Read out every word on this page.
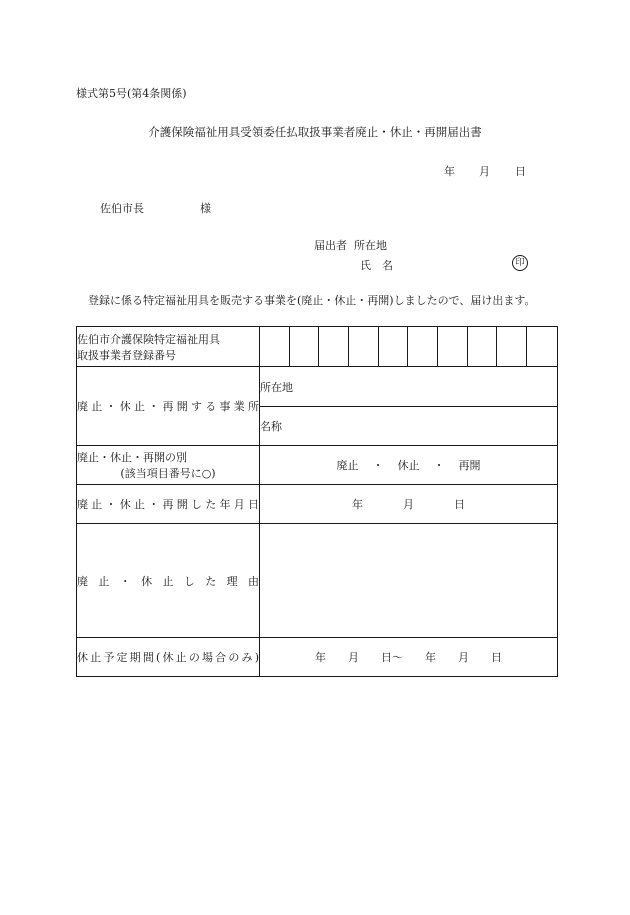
様式第5号(第4条関係)
介護保険福祉用具受領委任払取扱事業者廃止・休止・再開届出書
年 月 日
佐伯市長	様
届出者 所在地
氏　名	印
登録に係る特定福祉用具を販売する事業を(廃止・休止・再開)しましたので、届け出ます。
佐伯市介護保険特定福祉用具
取扱事業者登録番号										

廃止・休止・再開する事業所	所在地									
	名称									

廃止・休止・再開の別
(該当項目番号に○)	廃止 ・ 休止 ・ 再開									
廃止・休止・再開した年月日	年 月 日									
廃止・休止した理由										
休止予定期間(休止の場合のみ)	年 月 日〜 年 月 日									
